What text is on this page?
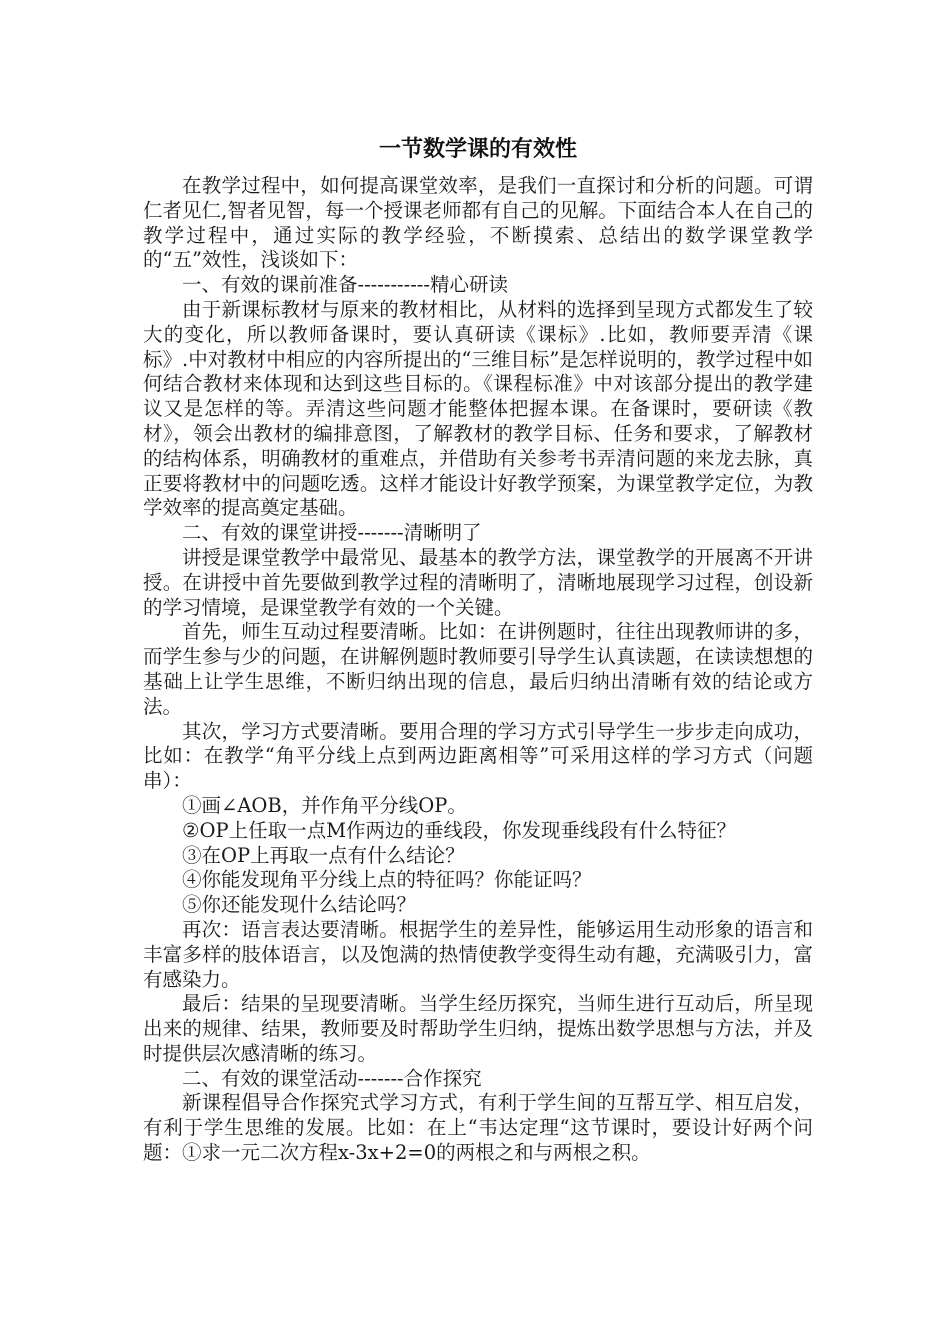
一节数学课的有效性

在教学过程中，如何提高课堂效率，是我们一直探讨和分析的问题。可谓仁者见仁,智者见智，每一个授课老师都有自己的见解。下面结合本人在自己的教学过程中，通过实际的教学经验，不断摸索、总结出的数学课堂教学的“五”效性，浅谈如下：

一、有效的课前准备-----------精心研读

由于新课标教材与原来的教材相比，从材料的选择到呈现方式都发生了较大的变化，所以教师备课时，要认真研读《课标》.比如，教师要弄清《课标》.中对教材中相应的内容所提出的“三维目标”是怎样说明的，教学过程中如何结合教材来体现和达到这些目标的。《课程标准》中对该部分提出的教学建议又是怎样的等。弄清这些问题才能整体把握本课。在备课时，要研读《教材》，领会出教材的编排意图，了解教材的教学目标、任务和要求，了解教材的结构体系，明确教材的重难点，并借助有关参考书弄清问题的来龙去脉，真正要将教材中的问题吃透。这样才能设计好教学预案，为课堂教学定位，为教学效率的提高奠定基础。

二、有效的课堂讲授-------清晰明了

讲授是课堂教学中最常见、最基本的教学方法，课堂教学的开展离不开讲授。在讲授中首先要做到教学过程的清晰明了，清晰地展现学习过程，创设新的学习情境，是课堂教学有效的一个关键。

首先，师生互动过程要清晰。比如：在讲例题时，往往出现教师讲的多，而学生参与少的问题，在讲解例题时教师要引导学生认真读题，在读读想想的基础上让学生思维，不断归纳出现的信息，最后归纳出清晰有效的结论或方法。

其次，学习方式要清晰。要用合理的学习方式引导学生一步步走向成功，比如：在教学“角平分线上点到两边距离相等”可采用这样的学习方式（问题串）：

①画∠AOB，并作角平分线OP。

②OP上任取一点M作两边的垂线段，你发现垂线段有什么特征？

③在OP上再取一点有什么结论？

④你能发现角平分线上点的特征吗？你能证吗？

⑤你还能发现什么结论吗？

再次：语言表达要清晰。根据学生的差异性，能够运用生动形象的语言和丰富多样的肢体语言，以及饱满的热情使教学变得生动有趣，充满吸引力，富有感染力。

最后：结果的呈现要清晰。当学生经历探究，当师生进行互动后，所呈现出来的规律、结果，教师要及时帮助学生归纳，提炼出数学思想与方法，并及时提供层次感清晰的练习。

二、有效的课堂活动-------合作探究

新课程倡导合作探究式学习方式，有利于学生间的互帮互学、相互启发，有利于学生思维的发展。比如：在上“韦达定理“这节课时，要设计好两个问题：①求一元二次方程x-3x+2=0的两根之和与两根之积。
